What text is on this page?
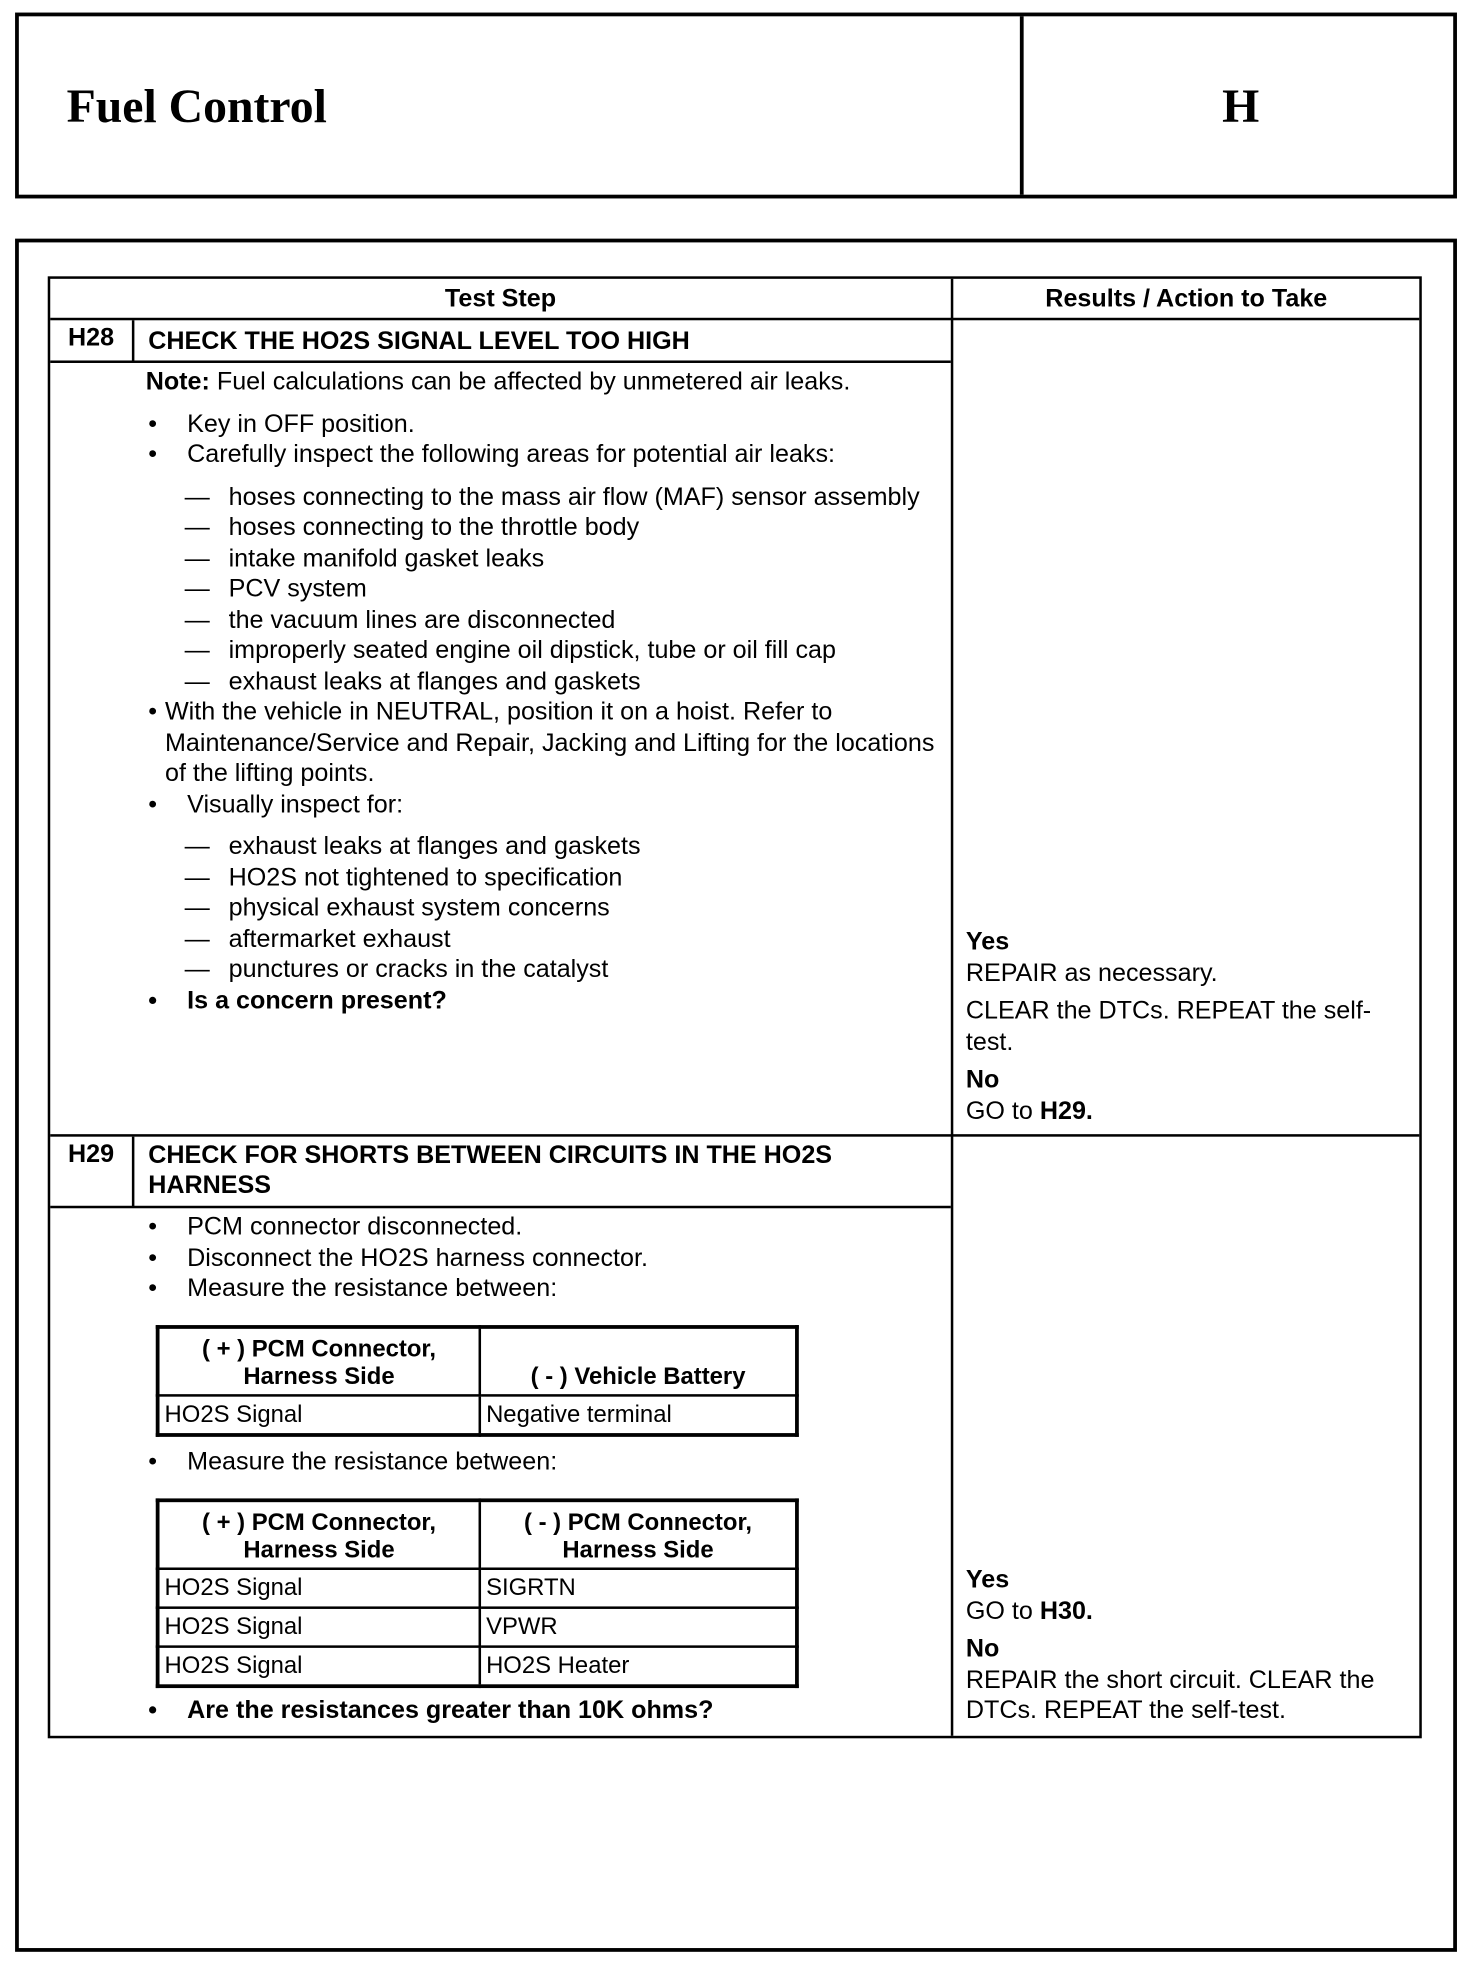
Fuel Control	H
Test Step	Results / Action to Take
H28	CHECK THE HO2S SIGNAL LEVEL TOO HIGH

Note: Fuel calculations can be affected by unmetered air leaks.

•	Key in OFF position.
•	Carefully inspect the following areas for potential air leaks:
— hoses connecting to the mass air flow (MAF) sensor assembly
— hoses connecting to the throttle body
— intake manifold gasket leaks
— PCV system
— the vacuum lines are disconnected
— improperly seated engine oil dipstick, tube or oil fill cap
— exhaust leaks at flanges and gaskets
• With the vehicle in NEUTRAL, position it on a hoist. Refer to Maintenance/Service and Repair, Jacking and Lifting for the locations of the lifting points.
•	Visually inspect for:
— exhaust leaks at flanges and gaskets
— HO2S not tightened to specification
— physical exhaust system concerns
— aftermarket exhaust
— punctures or cracks in the catalyst
•	Is a concern present?

Yes

REPAIR as necessary.

CLEAR the DTCs. REPEAT the self-test.

No

GO to H29.

H29	CHECK FOR SHORTS BETWEEN CIRCUITS IN THE HO2S HARNESS
•	PCM connector disconnected.
•	Disconnect the HO2S harness connector.
•	Measure the resistance between:
( + ) PCM Connector, Harness Side	( - ) Vehicle Battery
HO2S Signal	Negative terminal
•	Measure the resistance between:
( + ) PCM Connector, Harness Side	( - ) PCM Connector, Harness Side
HO2S Signal	SIGRTN
HO2S Signal	VPWR
HO2S Signal	HO2S Heater
•	Are the resistances greater than 10K ohms?

Yes

GO to H30.

No

REPAIR the short circuit. CLEAR the DTCs. REPEAT the self-test.
